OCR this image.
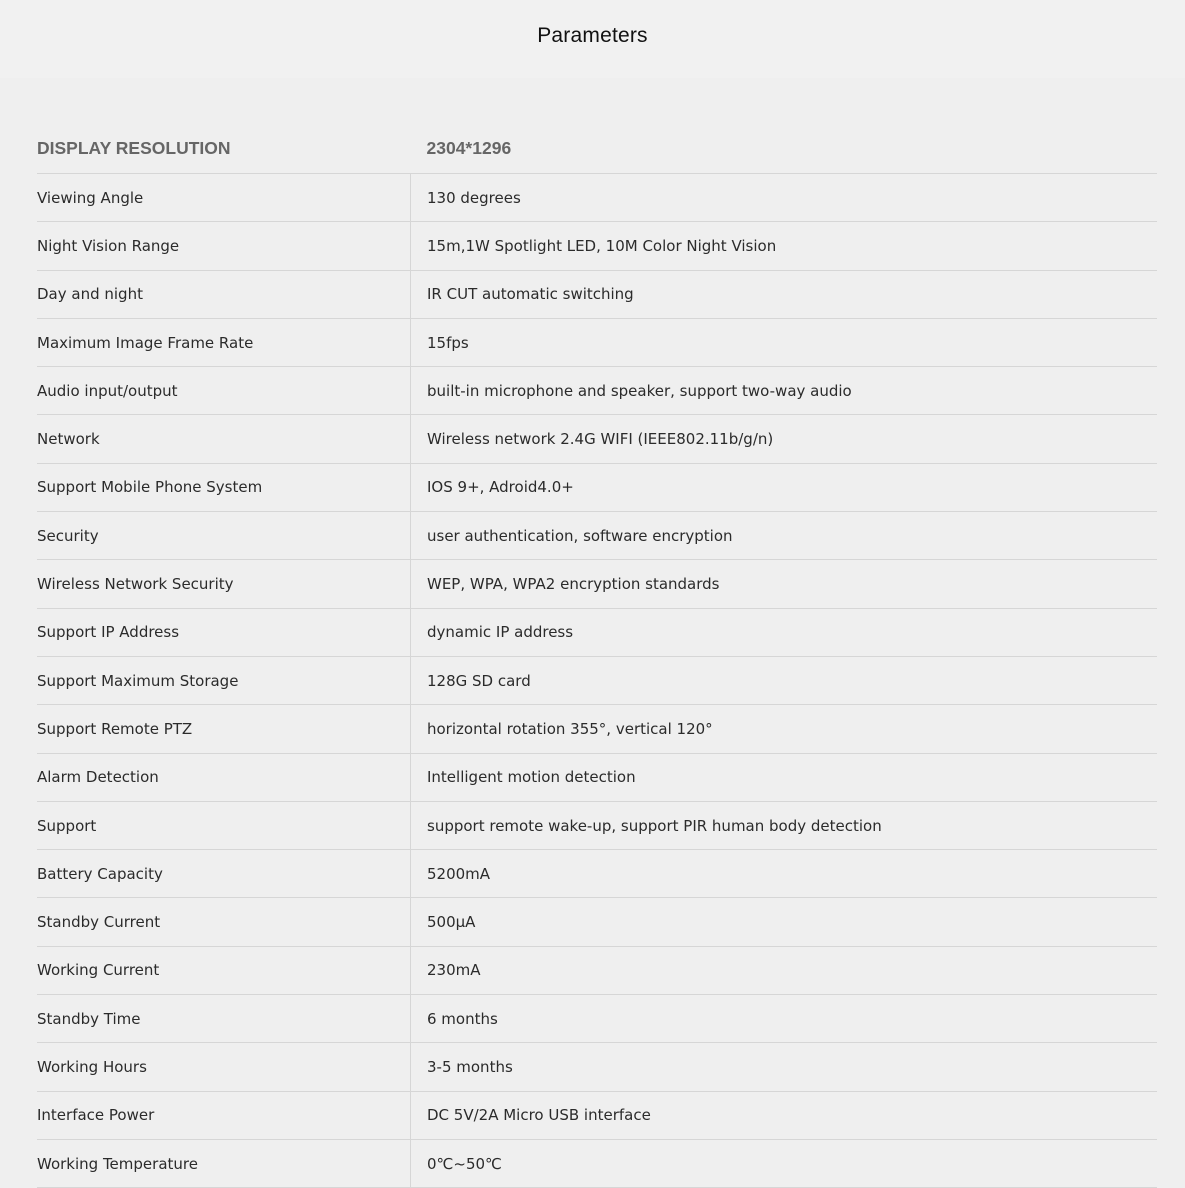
Parameters
DISPLAY RESOLUTION	2304*1296
Viewing Angle	130 degrees
Night Vision Range	15m,1W Spotlight LED, 10M Color Night Vision
Day and night	IR CUT automatic switching
Maximum Image Frame Rate	15fps
Audio input/output	built-in microphone and speaker, support two-way audio
Network	Wireless network 2.4G WIFI (IEEE802.11b/g/n)
Support Mobile Phone System	IOS 9+, Adroid4.0+
Security	user authentication, software encryption
Wireless Network Security	WEP, WPA, WPA2 encryption standards
Support IP Address	dynamic IP address
Support Maximum Storage	128G SD card
Support Remote PTZ	horizontal rotation 355°, vertical 120°
Alarm Detection	Intelligent motion detection
Support	support remote wake-up, support PIR human body detection
Battery Capacity	5200mA
Standby Current	500μA
Working Current	230mA
Standby Time	6 months
Working Hours	3-5 months
Interface Power	DC 5V/2A Micro USB interface
Working Temperature	0℃~50℃
